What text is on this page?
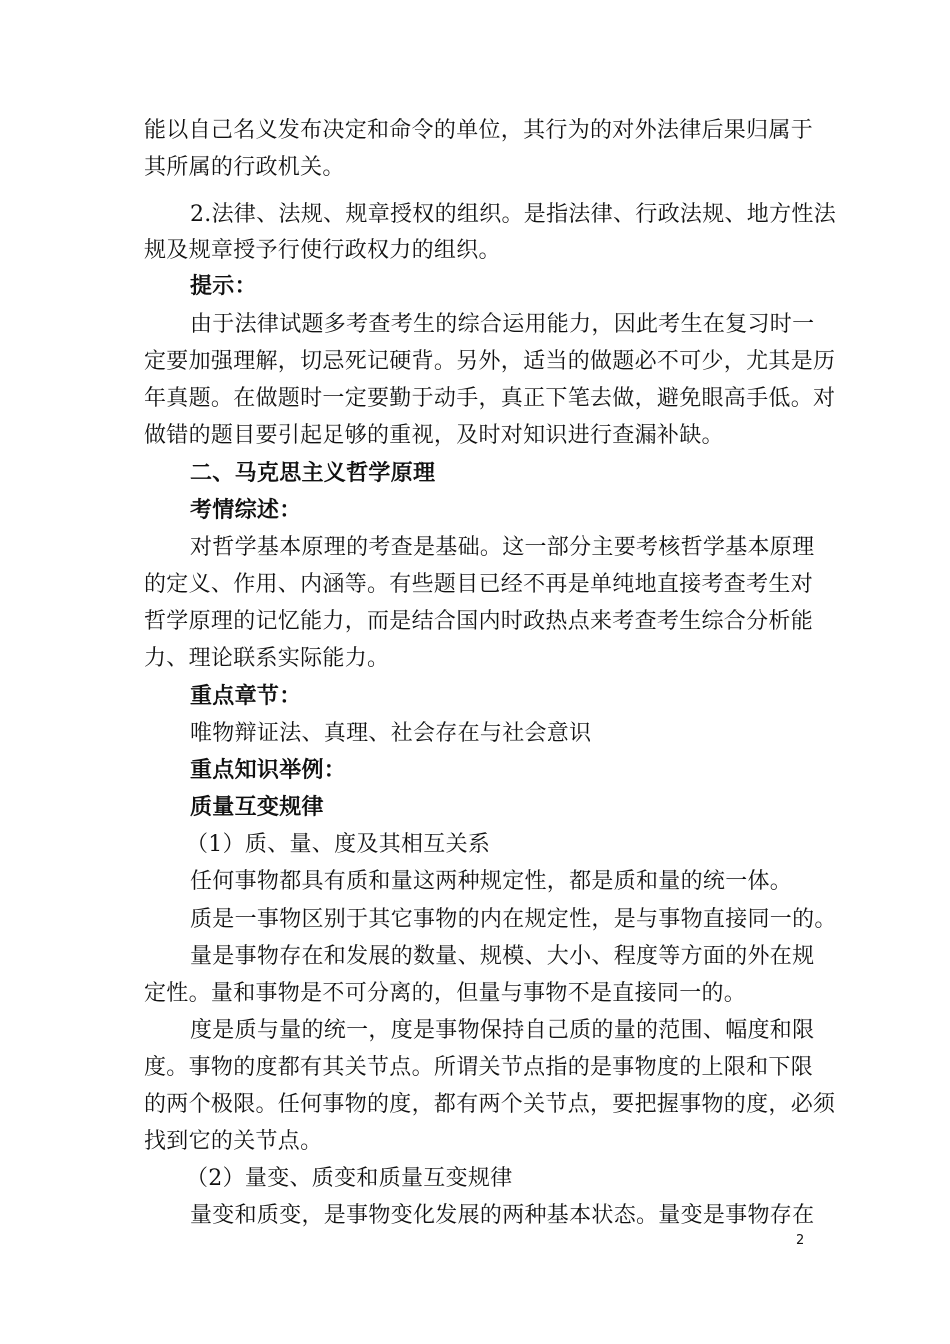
能以自己名义发布决定和命令的单位，其行为的对外法律后果归属于
其所属的行政机关。
2.法律、法规、规章授权的组织。是指法律、行政法规、地方性法
规及规章授予行使行政权力的组织。
提示：
由于法律试题多考查考生的综合运用能力，因此考生在复习时一
定要加强理解，切忌死记硬背。另外，适当的做题必不可少，尤其是历
年真题。在做题时一定要勤于动手，真正下笔去做，避免眼高手低。对
做错的题目要引起足够的重视，及时对知识进行查漏补缺。
二、马克思主义哲学原理
考情综述：
对哲学基本原理的考查是基础。这一部分主要考核哲学基本原理
的定义、作用、内涵等。有些题目已经不再是单纯地直接考查考生对
哲学原理的记忆能力，而是结合国内时政热点来考查考生综合分析能
力、理论联系实际能力。
重点章节：
唯物辩证法、真理、社会存在与社会意识
重点知识举例：
质量互变规律
（1）质、量、度及其相互关系
任何事物都具有质和量这两种规定性，都是质和量的统一体。
质是一事物区别于其它事物的内在规定性，是与事物直接同一的。
量是事物存在和发展的数量、规模、大小、程度等方面的外在规
定性。量和事物是不可分离的，但量与事物不是直接同一的。
度是质与量的统一，度是事物保持自己质的量的范围、幅度和限
度。事物的度都有其关节点。所谓关节点指的是事物度的上限和下限
的两个极限。任何事物的度，都有两个关节点，要把握事物的度，必须
找到它的关节点。
（2）量变、质变和质量互变规律
量变和质变，是事物变化发展的两种基本状态。量变是事物存在
2
